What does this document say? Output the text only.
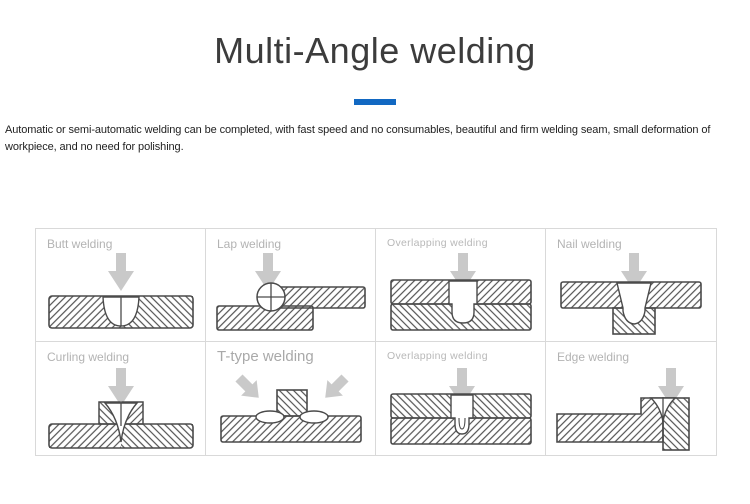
Multi-Angle welding

Automatic or semi-automatic welding can be completed, with fast speed and no consumables, beautiful and firm welding seam, small deformation of workpiece, and no need for polishing.

Butt welding	Lap welding	Overlapping welding	Nail welding
Curling welding	T-type welding	Overlapping welding	Edge welding
